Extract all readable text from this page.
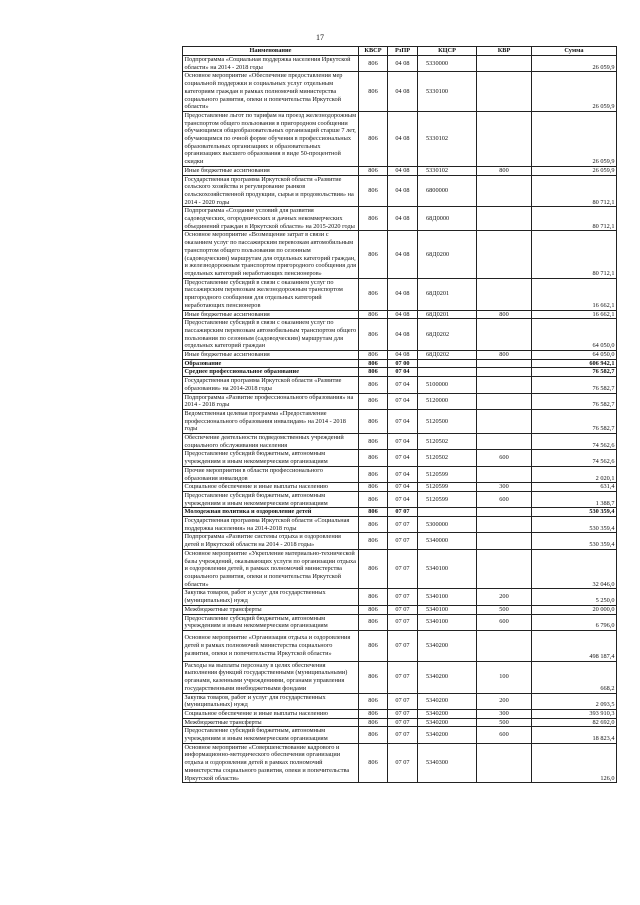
17
Наименование	КВСР	РзПР	КЦСР	КВР	Сумма
Подпрограмма «Социальная поддержка населения Иркутской области» на 2014 - 2018 годы	806	04 08	5330000		26 059,9
Основное мероприятие «Обеспечение предоставления мер социальной поддержки и социальных услуг отдельным категориям граждан в рамках полномочий министерства социального развития, опеки и попечительства Иркутской области»	806	04 08	5330100		26 059,9
Предоставление льгот по тарифам на проезд железнодорожным транспортом общего пользования в пригородном сообщении обучающимся общеобразовательных организаций старше 7 лет, обучающимся по очной форме обучения в профессиональных образовательных организациях и образовательных организациях высшего образования в виде 50-процентной скидки	806	04 08	5330102		26 059,9
Иные бюджетные ассигнования	806	04 08	5330102	800	26 059,9
Государственная программа Иркутской области «Развитие сельского хозяйства и регулирование рынков сельскохозяйственной продукции, сырья и продовольствия» на 2014 - 2020 годы	806	04 08	6800000		80 712,1
Подпрограмма «Создание условий для развития садоводческих, огороднических и дачных некоммерческих объединений граждан в Иркутской области» на 2015-2020 годы	806	04 08	68Д0000		80 712,1
Основное мероприятие «Возмещение затрат в связи с оказанием услуг по пассажирским перевозкам автомобильным транспортом общего пользования по сезонным (садоводческим) маршрутам для отдельных категорий граждан, и железнодорожным транспортом пригородного сообщения для отдельных категорий неработающих пенсионеров»	806	04 08	68Д0200		80 712,1
Предоставление субсидий в связи с оказанием услуг по пассажирским перевозкам железнодорожным транспортом пригородного сообщения для отдельных категорий неработающих пенсионеров	806	04 08	68Д0201		16 662,1
Иные бюджетные ассигнования	806	04 08	68Д0201	800	16 662,1
Предоставление субсидий в связи с оказанием услуг по пассажирским перевозкам автомобильным транспортом общего пользования по сезонным (садоводческим) маршрутам для отдельных категорий граждан	806	04 08	68Д0202		64 050,0
Иные бюджетные ассигнования	806	04 08	68Д0202	800	64 050,0
Образование	806	07 00			606 942,1
Среднее профессиональное образование	806	07 04			76 582,7
Государственная программа Иркутской области «Развитие образования» на 2014-2018 годы	806	07 04	5100000		76 582,7
Подпрограмма «Развитие профессионального образования» на 2014 - 2018 годы	806	07 04	5120000		76 582,7
Ведомственная целевая программа «Предоставление профессионального образования инвалидам» на 2014 - 2018 годы	806	07 04	5120500		76 582,7
Обеспечение деятельности подведомственных учреждений социального обслуживания населения	806	07 04	5120502		74 562,6
Предоставление субсидий бюджетным, автономным учреждениям и иным некоммерческим организациям	806	07 04	5120502	600	74 562,6
Прочие мероприятия в области профессионального образования инвалидов	806	07 04	5120599		2 020,1
Социальное обеспечение и иные выплаты населению	806	07 04	5120599	300	631,4
Предоставление субсидий бюджетным, автономным учреждениям и иным некоммерческим организациям	806	07 04	5120599	600	1 388,7
Молодежная политика и оздоровление детей	806	07 07			530 359,4
Государственная программа Иркутской области «Социальная поддержка населения» на 2014-2018 годы	806	07 07	5300000		530 359,4
Подпрограмма «Развитие системы отдыха и оздоровления детей в Иркутской области на 2014 - 2018 годы»	806	07 07	5340000		530 359,4
Основное мероприятие «Укрепление материально-технической базы учреждений, оказывающих услуги по организации отдыха и оздоровления детей, в рамках полномочий министерства социального развития, опеки и попечительства Иркутской области»	806	07 07	5340100		32 046,0
Закупка товаров, работ и услуг для государственных (муниципальных) нужд	806	07 07	5340100	200	5 250,0
Межбюджетные трансферты	806	07 07	5340100	500	20 000,0
Предоставление субсидий бюджетным, автономным учреждениям и иным некоммерческим организациям	806	07 07	5340100	600	6 796,0
Основное мероприятие «Организация отдыха и оздоровления детей в рамках полномочий министерства социального развития, опеки и попечительства Иркутской области»	806	07 07	5340200		498 187,4
Расходы на выплаты персоналу в целях обеспечения выполнения функций государственными (муниципальными) органами, казенными учреждениями, органами управления государственными внебюджетными фондами	806	07 07	5340200	100	668,2
Закупка товаров, работ и услуг для государственных (муниципальных) нужд	806	07 07	5340200	200	2 093,5
Социальное обеспечение и иные выплаты населению	806	07 07	5340200	300	393 910,3
Межбюджетные трансферты	806	07 07	5340200	500	82 692,0
Предоставление субсидий бюджетным, автономным учреждениям и иным некоммерческим организациям	806	07 07	5340200	600	18 823,4
Основное мероприятие «Совершенствование кадрового и информационно-методического обеспечения организации отдыха и оздоровления детей в рамках полномочий министерства социального развития, опеки и попечительства Иркутской области»	806	07 07	5340300		126,0
